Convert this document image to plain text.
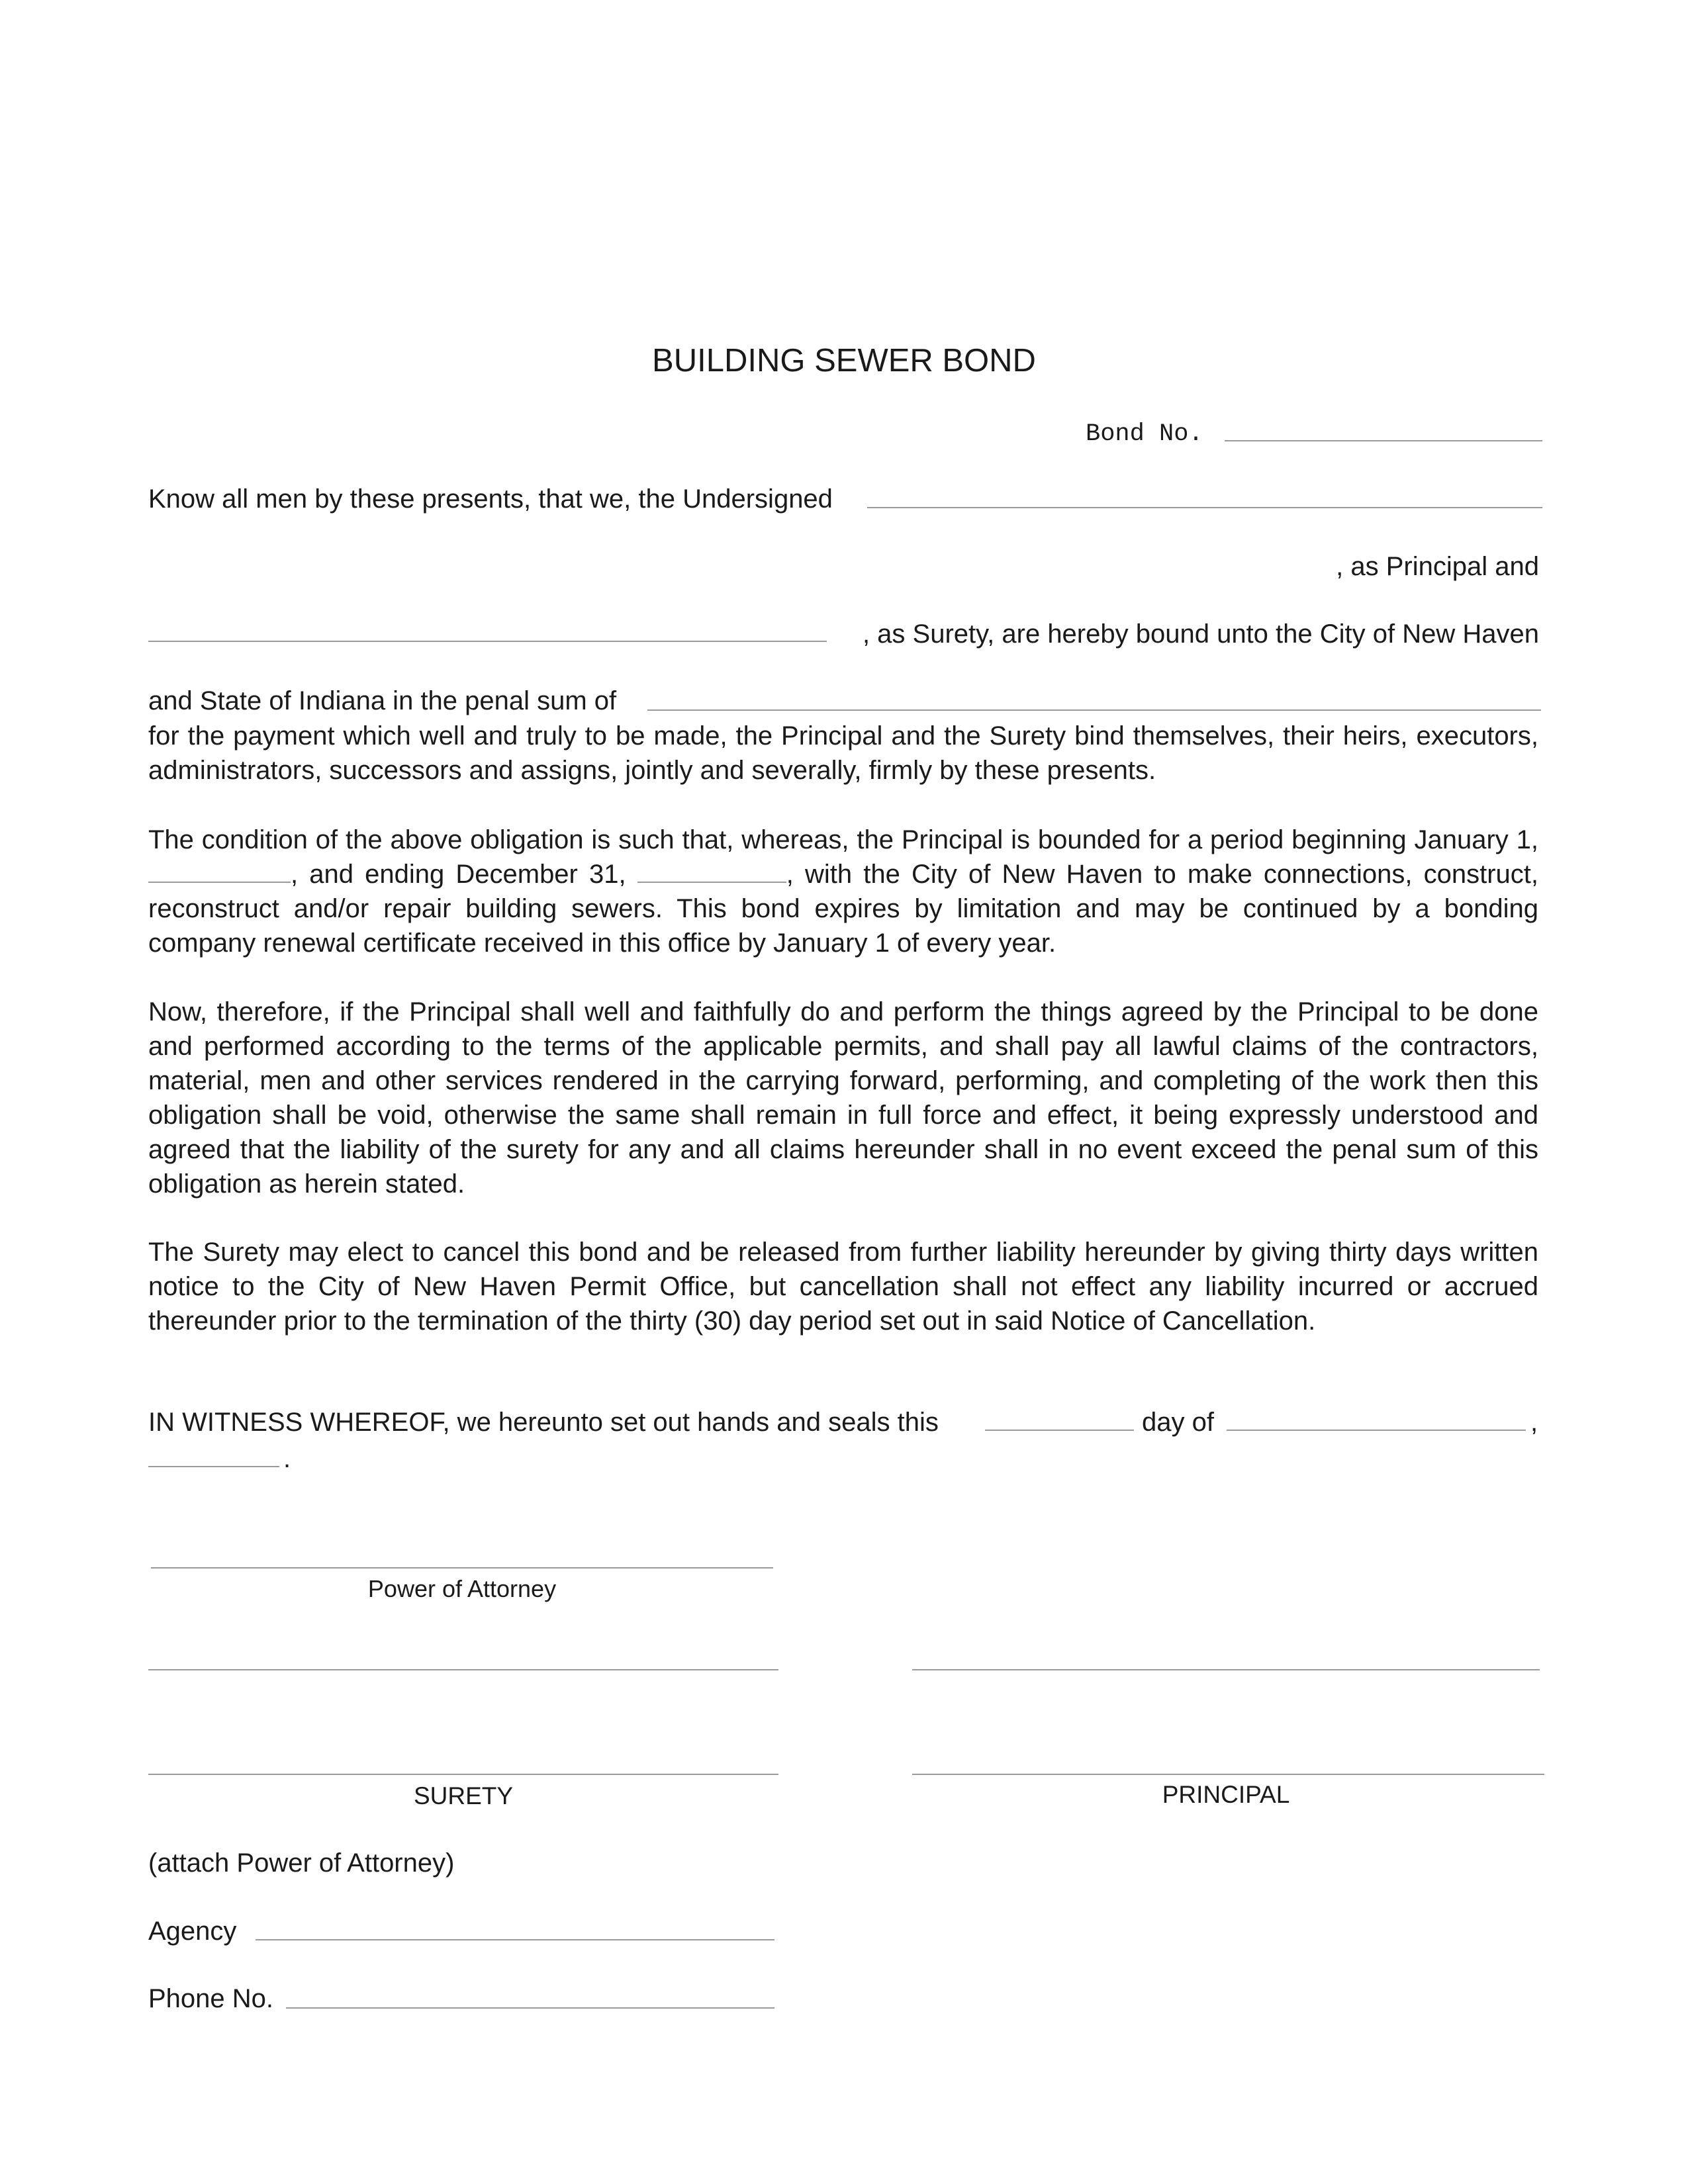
BUILDING SEWER BOND
Bond No.
Know all men by these presents, that we, the Undersigned
, as Principal and
, as Surety, are hereby bound unto the City of New Haven
and State of Indiana in the penal sum of
for the payment which well and truly to be made, the Principal and the Surety bind themselves, their heirs, executors, administrators, successors and assigns, jointly and severally, firmly by these presents.
The condition of the above obligation is such that, whereas, the Principal is bounded for a period beginning January 1, , and ending December 31,	, with the City of New Haven to make connections, construct, reconstruct and/or repair building sewers. This bond expires by limitation and may be continued by a bonding company renewal certificate received in this office by January 1 of every year.
Now, therefore, if the Principal shall well and faithfully do and perform the things agreed by the Principal to be done and performed according to the terms of the applicable permits, and shall pay all lawful claims of the contractors, material, men and other services rendered in the carrying forward, performing, and completing of the work then this obligation shall be void, otherwise the same shall remain in full force and effect, it being expressly understood and agreed that the liability of the surety for any and all claims hereunder shall in no event exceed the penal sum of this obligation as herein stated.
The Surety may elect to cancel this bond and be released from further liability hereunder by giving thirty days written notice to the City of New Haven Permit Office, but cancellation shall not effect any liability incurred or accrued thereunder prior to the termination of the thirty (30) day period set out in said Notice of Cancellation.
IN WITNESS WHEREOF, we hereunto set out hands and seals this	day of	,
.
Power of Attorney
SURETY	PRINCIPAL
(attach Power of Attorney)
Agency
Phone No.
